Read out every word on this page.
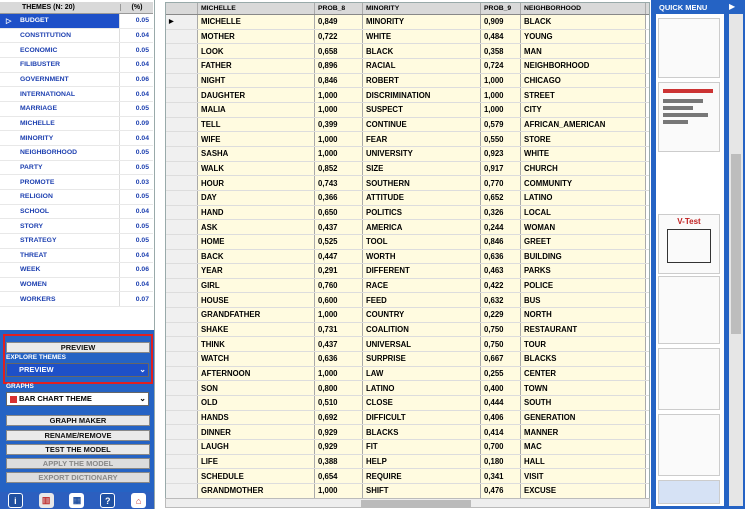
THEMES (N: 20)	(%)
▷	BUDGET	0.05
CONSTITUTION	0.04
ECONOMIC	0.05
FILIBUSTER	0.04
GOVERNMENT	0.06
INTERNATIONAL	0.04
MARRIAGE	0.05
MICHELLE	0.09
MINORITY	0.04
NEIGHBORHOOD	0.05
PARTY	0.05
PROMOTE	0.03
RELIGION	0.05
SCHOOL	0.04
STORY	0.05
STRATEGY	0.05
THREAT	0.04
WEEK	0.06
WOMEN	0.04
WORKERS	0.07
PREVIEW
EXPLORE THEMES
PREVIEW	⌄
GRAPHS
BAR CHART THEME	⌄
GRAPH MAKER
RENAME/REMOVE
TEST THE MODEL
APPLY THE MODEL
EXPORT DICTIONARY
i	▥	▦	?	⌂
MICHELLE	PROB_8	MINORITY	PROB_9	NEIGHBORHOOD
▶	MICHELLE	0,849	MINORITY	0,909	BLACK
MOTHER	0,722	WHITE	0,484	YOUNG
LOOK	0,658	BLACK	0,358	MAN
FATHER	0,896	RACIAL	0,724	NEIGHBORHOOD
NIGHT	0,846	ROBERT	1,000	CHICAGO
DAUGHTER	1,000	DISCRIMINATION	1,000	STREET
MALIA	1,000	SUSPECT	1,000	CITY
TELL	0,399	CONTINUE	0,579	AFRICAN_AMERICAN
WIFE	1,000	FEAR	0,550	STORE
SASHA	1,000	UNIVERSITY	0,923	WHITE
WALK	0,852	SIZE	0,917	CHURCH
HOUR	0,743	SOUTHERN	0,770	COMMUNITY
DAY	0,366	ATTITUDE	0,652	LATINO
HAND	0,650	POLITICS	0,326	LOCAL
ASK	0,437	AMERICA	0,244	WOMAN
HOME	0,525	TOOL	0,846	GREET
BACK	0,447	WORTH	0,636	BUILDING
YEAR	0,291	DIFFERENT	0,463	PARKS
GIRL	0,760	RACE	0,422	POLICE
HOUSE	0,600	FEED	0,632	BUS
GRANDFATHER	1,000	COUNTRY	0,229	NORTH
SHAKE	0,731	COALITION	0,750	RESTAURANT
THINK	0,437	UNIVERSAL	0,750	TOUR
WATCH	0,636	SURPRISE	0,667	BLACKS
AFTERNOON	1,000	LAW	0,255	CENTER
SON	0,800	LATINO	0,400	TOWN
OLD	0,510	CLOSE	0,444	SOUTH
HANDS	0,692	DIFFICULT	0,406	GENERATION
DINNER	0,929	BLACKS	0,414	MANNER
LAUGH	0,929	FIT	0,700	MAC
LIFE	0,388	HELP	0,180	HALL
SCHEDULE	0,654	REQUIRE	0,341	VISIT
GRANDMOTHER	1,000	SHIFT	0,476	EXCUSE
QUICK MENU	▶
V-Test
